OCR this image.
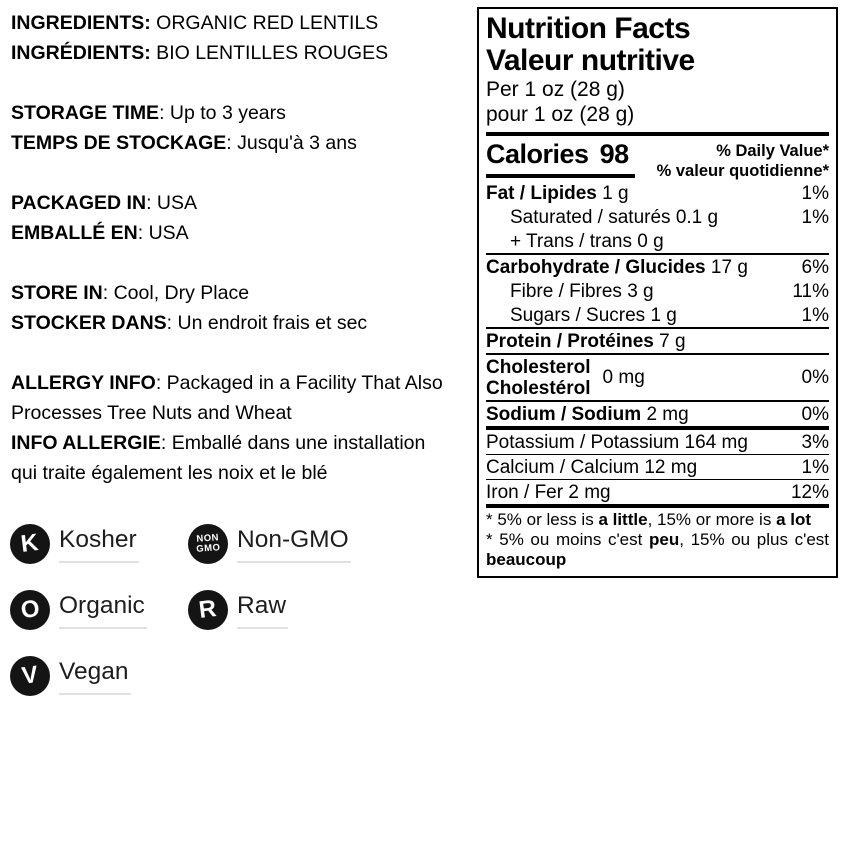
INGREDIENTS: ORGANIC RED LENTILS
INGRÉDIENTS: BIO LENTILLES ROUGES
STORAGE TIME: Up to 3 years
TEMPS DE STOCKAGE: Jusqu'à 3 ans
PACKAGED IN: USA
EMBALLÉ EN: USA
STORE IN: Cool, Dry Place
STOCKER DANS: Un endroit frais et sec
ALLERGY INFO: Packaged in a Facility That Also Processes Tree Nuts and Wheat
INFO ALLERGIE: Emballé dans une installation qui traite également les noix et le blé
K Kosher	NON
GMO Non-GMO
O Organic R Raw
V Vegan
Nutrition Facts
Valeur nutritive
Per 1 oz (28 g)
pour 1 oz (28 g)
Calories 98	% Daily Value*
% valeur quotidienne*
Fat / Lipides 1 g	1%
Saturated / saturés 0.1 g	1%
+ Trans / trans 0 g
Carbohydrate / Glucides 17 g	6%
Fibre / Fibres 3 g	11%
Sugars / Sucres 1 g	1%
Protein / Protéines 7 g
Cholesterol
Cholestérol 0 mg	0%
Sodium / Sodium 2 mg	0%
Potassium / Potassium 164 mg	3%
Calcium / Calcium 12 mg	1%
Iron / Fer 2 mg	12%
* 5% or less is a little, 15% or more is a lot
* 5% ou moins c'est peu, 15% ou plus c'est beaucoup
